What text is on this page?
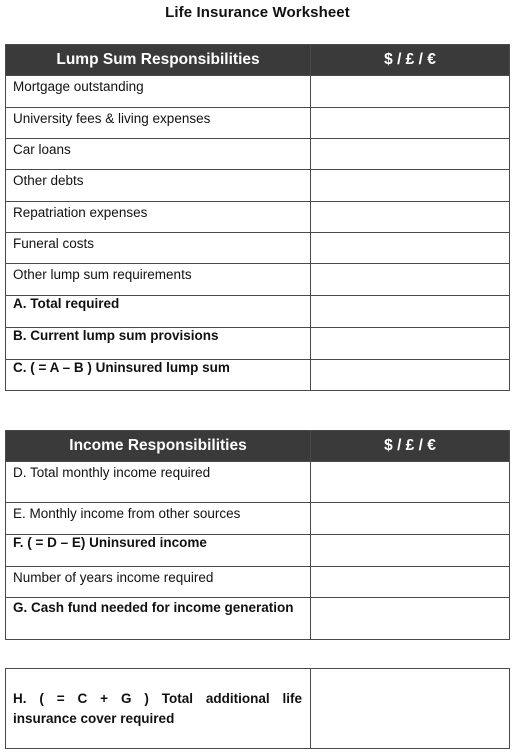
Life Insurance Worksheet
Lump Sum Responsibilities	$ / £ / €

Mortgage outstanding	

University fees & living expenses	

Car loans	

Other debts	

Repatriation expenses	

Funeral costs	

Other lump sum requirements	

A. Total required	
B. Current lump sum provisions	
C. ( = A – B ) Uninsured lump sum	
Income Responsibilities	$ / £ / €

D. Total monthly income required	

E. Monthly income from other sources	

F. ( = D – E) Uninsured income	

Number of years income required	

G. Cash fund needed for income generation	
H. ( = C + G ) Total additional life
insurance cover required
